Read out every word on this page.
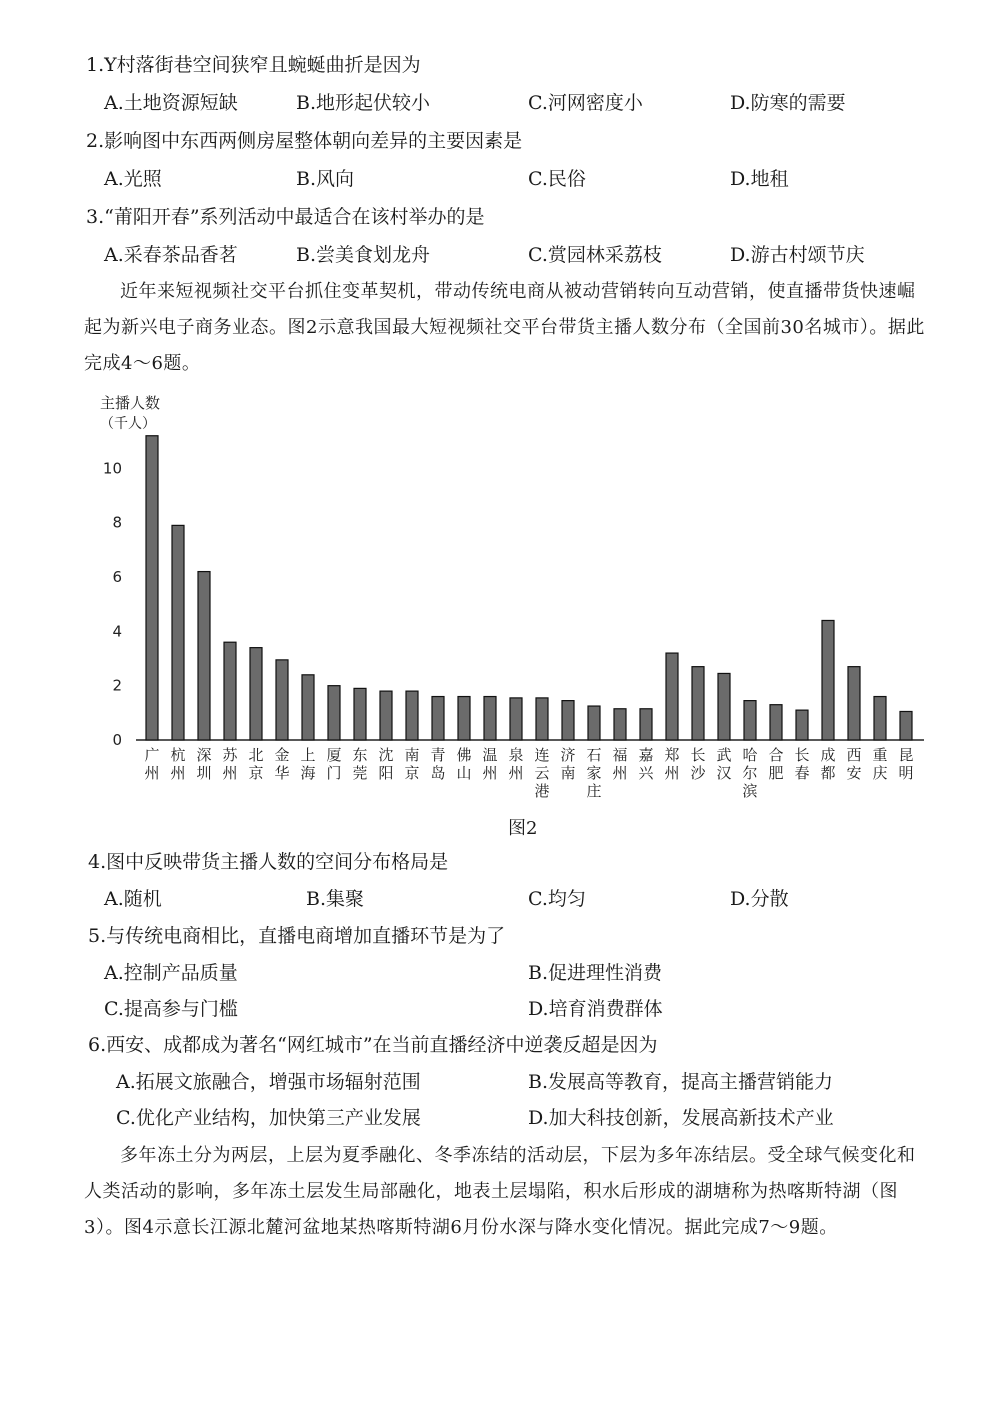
1.Y村落街巷空间狭窄且蜿蜒曲折是因为
A.土地资源短缺	B.地形起伏较小	C.河网密度小	D.防寒的需要
2.影响图中东西两侧房屋整体朝向差异的主要因素是
A.光照	B.风向	C.民俗	D.地租
3.“莆阳开春”系列活动中最适合在该村举办的是
A.采春茶品香茗	B.尝美食划龙舟	C.赏园林采荔枝	D.游古村颂节庆
近年来短视频社交平台抓住变革契机，带动传统电商从被动营销转向互动营销，使直播带货快速崛起为新兴电子商务业态。图2示意我国最大短视频社交平台带货主播人数分布（全国前30名城市）。据此完成4～6题。
主播人数
（千人）
0
2
4
6
8
10
广州
杭州
深圳
苏州
北京
金华
上海
厦门
东莞
沈阳
南京
青岛
佛山
温州
泉州
连云港
济南
石家庄
福州
嘉兴
郑州
长沙
武汉
哈尔滨
合肥
长春
成都
西安
重庆
昆明
图2
4.图中反映带货主播人数的空间分布格局是
A.随机	B.集聚	C.均匀	D.分散
5.与传统电商相比，直播电商增加直播环节是为了
A.控制产品质量	B.促进理性消费
C.提高参与门槛	D.培育消费群体
6.西安、成都成为著名“网红城市”在当前直播经济中逆袭反超是因为
A.拓展文旅融合，增强市场辐射范围	B.发展高等教育，提高主播营销能力
C.优化产业结构，加快第三产业发展	D.加大科技创新，发展高新技术产业
多年冻土分为两层，上层为夏季融化、冬季冻结的活动层，下层为多年冻结层。受全球气候变化和人类活动的影响，多年冻土层发生局部融化，地表土层塌陷，积水后形成的湖塘称为热喀斯特湖（图3）。图4示意长江源北麓河盆地某热喀斯特湖6月份水深与降水变化情况。据此完成7～9题。
